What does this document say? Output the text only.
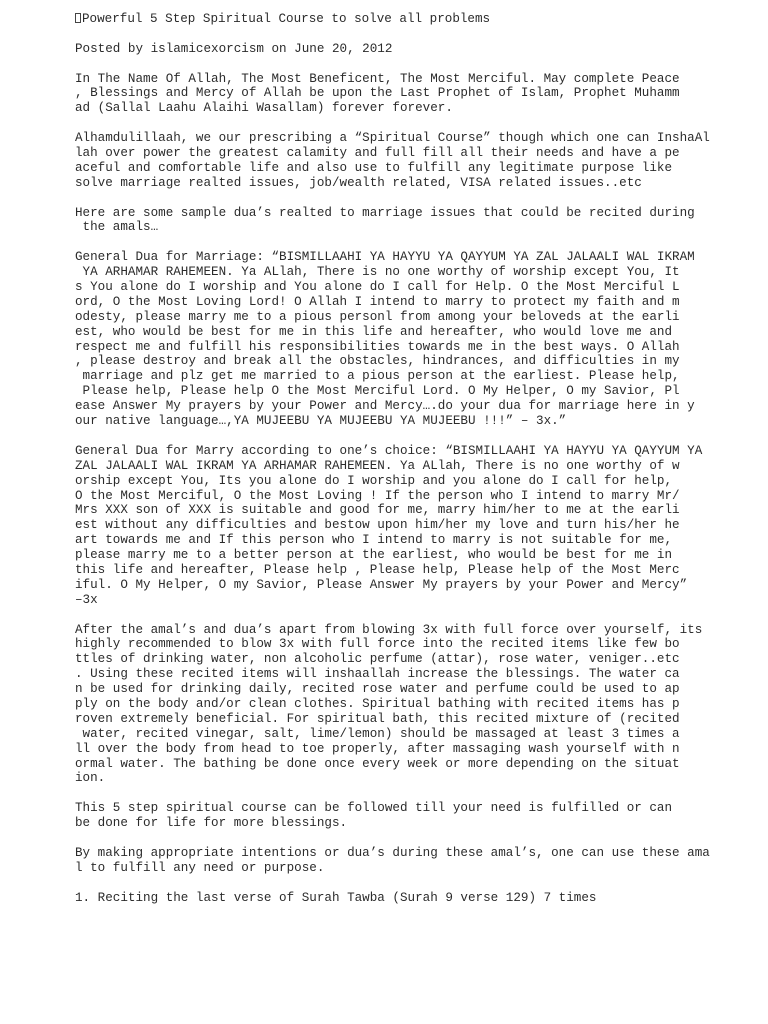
Powerful 5 Step Spiritual Course to solve all problems
Posted by islamicexorcism on June 20, 2012
In The Name Of Allah, The Most Beneficent, The Most Merciful. May complete Peace
, Blessings and Mercy of Allah be upon the Last Prophet of Islam, Prophet Muhamm
ad (Sallal Laahu Alaihi Wasallam) forever forever.
Alhamdulillaah, we our prescribing a “Spiritual Course” though which one can InshaAl
lah over power the greatest calamity and full fill all their needs and have a pe
aceful and comfortable life and also use to fulfill any legitimate purpose like
solve marriage realted issues, job/wealth related, VISA related issues..etc
Here are some sample dua’s realted to marriage issues that could be recited during
the amals…
General Dua for Marriage: “BISMILLAAHI YA HAYYU YA QAYYUM YA ZAL JALAALI WAL IKRAM
YA ARHAMAR RAHEMEEN. Ya ALlah, There is no one worthy of worship except You, It
s You alone do I worship and You alone do I call for Help. O the Most Merciful L
ord, O the Most Loving Lord! O Allah I intend to marry to protect my faith and m
odesty, please marry me to a pious personl from among your beloveds at the earli
est, who would be best for me in this life and hereafter, who would love me and
respect me and fulfill his responsibilities towards me in the best ways. O Allah
, please destroy and break all the obstacles, hindrances, and difficulties in my
marriage and plz get me married to a pious person at the earliest. Please help,
Please help, Please help O the Most Merciful Lord. O My Helper, O my Savior, Pl
ease Answer My prayers by your Power and Mercy….do your dua for marriage here in y
our native language…,YA MUJEEBU YA MUJEEBU YA MUJEEBU !!!” – 3x.”
General Dua for Marry according to one’s choice: “BISMILLAAHI YA HAYYU YA QAYYUM YA
ZAL JALAALI WAL IKRAM YA ARHAMAR RAHEMEEN. Ya ALlah, There is no one worthy of w
orship except You, Its you alone do I worship and you alone do I call for help,
O the Most Merciful, O the Most Loving ! If the person who I intend to marry Mr/
Mrs XXX son of XXX is suitable and good for me, marry him/her to me at the earli
est without any difficulties and bestow upon him/her my love and turn his/her he
art towards me and If this person who I intend to marry is not suitable for me,
please marry me to a better person at the earliest, who would be best for me in
this life and hereafter, Please help , Please help, Please help of the Most Merc
iful. O My Helper, O my Savior, Please Answer My prayers by your Power and Mercy”
–3x
After the amal’s and dua’s apart from blowing 3x with full force over yourself, its
highly recommended to blow 3x with full force into the recited items like few bo
ttles of drinking water, non alcoholic perfume (attar), rose water, veniger..etc
. Using these recited items will inshaallah increase the blessings. The water ca
n be used for drinking daily, recited rose water and perfume could be used to ap
ply on the body and/or clean clothes. Spiritual bathing with recited items has p
roven extremely beneficial. For spiritual bath, this recited mixture of (recited
water, recited vinegar, salt, lime/lemon) should be massaged at least 3 times a
ll over the body from head to toe properly, after massaging wash yourself with n
ormal water. The bathing be done once every week or more depending on the situat
ion.
This 5 step spiritual course can be followed till your need is fulfilled or can
be done for life for more blessings.
By making appropriate intentions or dua’s during these amal’s, one can use these ama
l to fulfill any need or purpose.
1. Reciting the last verse of Surah Tawba (Surah 9 verse 129) 7 times
